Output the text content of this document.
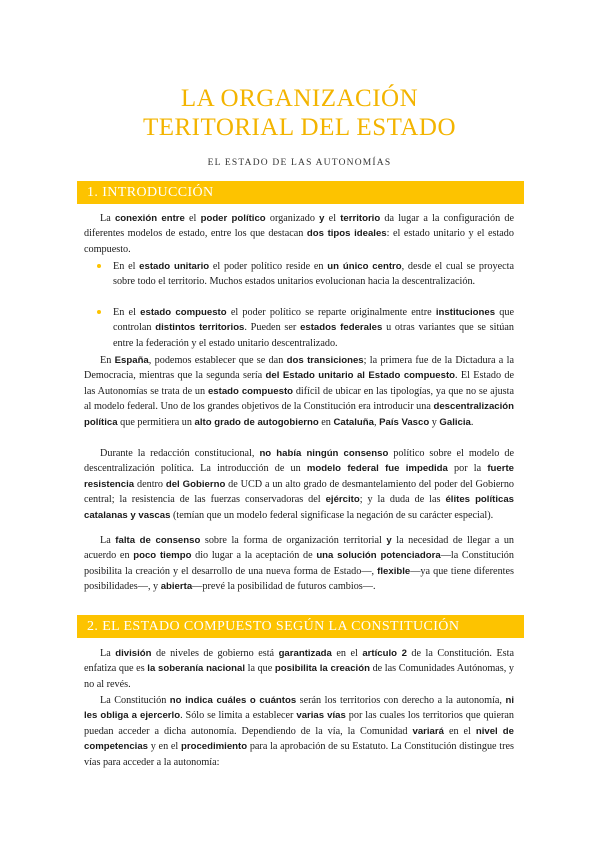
LA ORGANIZACIÓN
TERITORIAL DEL ESTADO
EL ESTADO DE LAS AUTONOMÍAS
1. INTRODUCCIÓN
La conexión entre el poder político organizado y el territorio da lugar a la configuración de diferentes modelos de estado, entre los que destacan dos tipos ideales: el estado unitario y el estado compuesto.
En el estado unitario el poder político reside en un único centro, desde el cual se proyecta sobre todo el territorio. Muchos estados unitarios evolucionan hacia la descentralización.
En el estado compuesto el poder político se reparte originalmente entre instituciones que controlan distintos territorios. Pueden ser estados federales u otras variantes que se sitúan entre la federación y el estado unitario descentralizado.
En España, podemos establecer que se dan dos transiciones; la primera fue de la Dictadura a la Democracia, mientras que la segunda sería del Estado unitario al Estado compuesto. El Estado de las Autonomías se trata de un estado compuesto difícil de ubicar en las tipologías, ya que no se ajusta al modelo federal. Uno de los grandes objetivos de la Constitución era introducir una descentralización política que permitiera un alto grado de autogobierno en Cataluña, País Vasco y Galicia.
Durante la redacción constitucional, no había ningún consenso político sobre el modelo de descentralización política. La introducción de un modelo federal fue impedida por la fuerte resistencia dentro del Gobierno de UCD a un alto grado de desmantelamiento del poder del Gobierno central; la resistencia de las fuerzas conservadoras del ejército; y la duda de las élites políticas catalanas y vascas (temían que un modelo federal significase la negación de su carácter especial).
La falta de consenso sobre la forma de organización territorial y la necesidad de llegar a un acuerdo en poco tiempo dio lugar a la aceptación de una solución potenciadora—la Constitución posibilita la creación y el desarrollo de una nueva forma de Estado—, flexible—ya que tiene diferentes posibilidades—, y abierta—prevé la posibilidad de futuros cambios—.
2. EL ESTADO COMPUESTO SEGÚN LA CONSTITUCIÓN
La división de niveles de gobierno está garantizada en el artículo 2 de la Constitución. Esta enfatiza que es la soberanía nacional la que posibilita la creación de las Comunidades Autónomas, y no al revés.
La Constitución no indica cuáles o cuántos serán los territorios con derecho a la autonomía, ni les obliga a ejercerlo. Sólo se limita a establecer varias vías por las cuales los territorios que quieran puedan acceder a dicha autonomía. Dependiendo de la vía, la Comunidad variará en el nivel de competencias y en el procedimiento para la aprobación de su Estatuto. La Constitución distingue tres vías para acceder a la autonomía:
